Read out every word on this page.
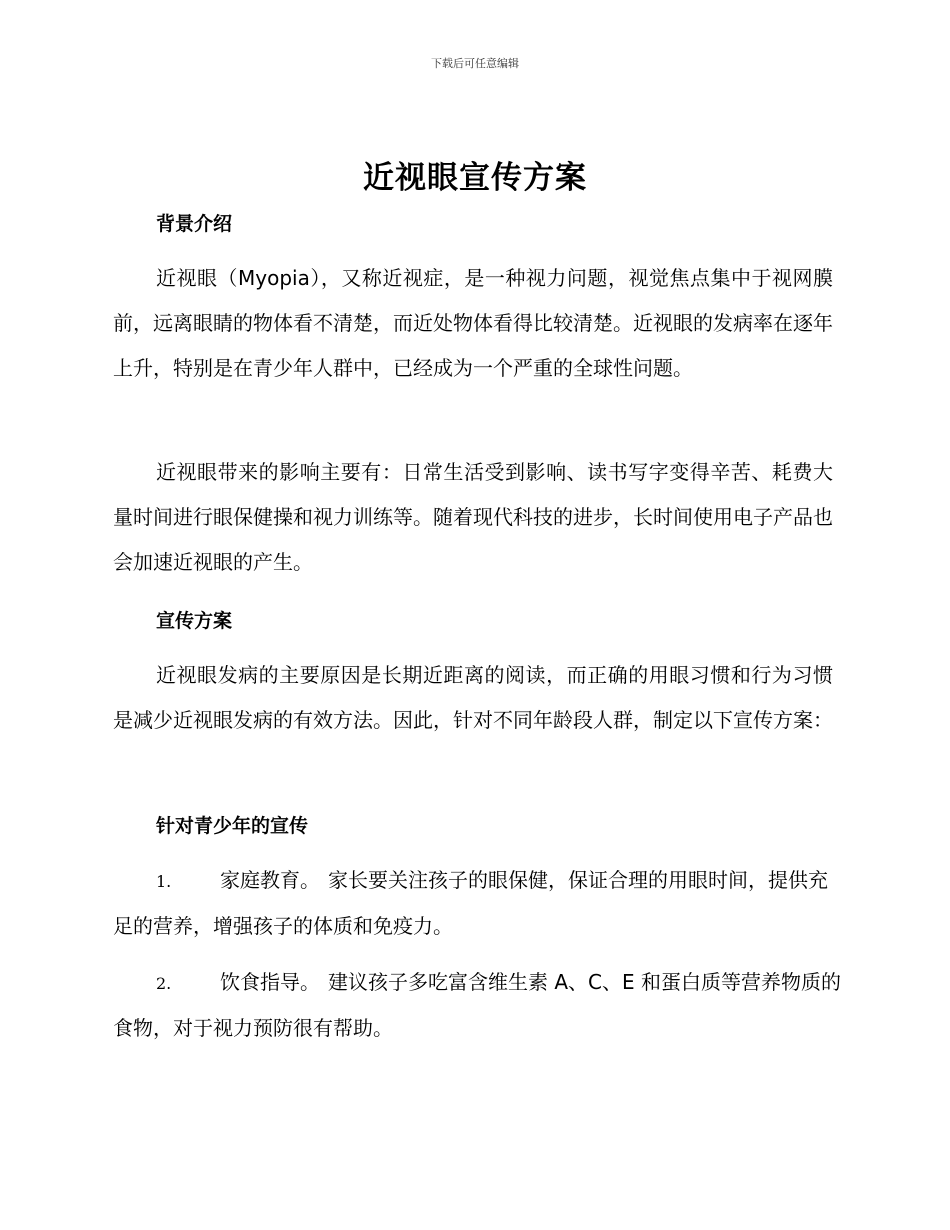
下载后可任意编辑
近视眼宣传方案
背景介绍
近视眼（Myopia），又称近视症，是一种视力问题，视觉焦点集中于视网膜前，远离眼睛的物体看不清楚，而近处物体看得比较清楚。近视眼的发病率在逐年上升，特别是在青少年人群中，已经成为一个严重的全球性问题。
近视眼带来的影响主要有：日常生活受到影响、读书写字变得辛苦、耗费大量时间进行眼保健操和视力训练等。随着现代科技的进步，长时间使用电子产品也会加速近视眼的产生。
宣传方案
近视眼发病的主要原因是长期近距离的阅读，而正确的用眼习惯和行为习惯是减少近视眼发病的有效方法。因此，针对不同年龄段人群，制定以下宣传方案：
针对青少年的宣传
1. 家庭教育。 家长要关注孩子的眼保健，保证合理的用眼时间，提供充足的营养，增强孩子的体质和免疫力。
2. 饮食指导。 建议孩子多吃富含维生素 A、C、E 和蛋白质等营养物质的食物，对于视力预防很有帮助。
